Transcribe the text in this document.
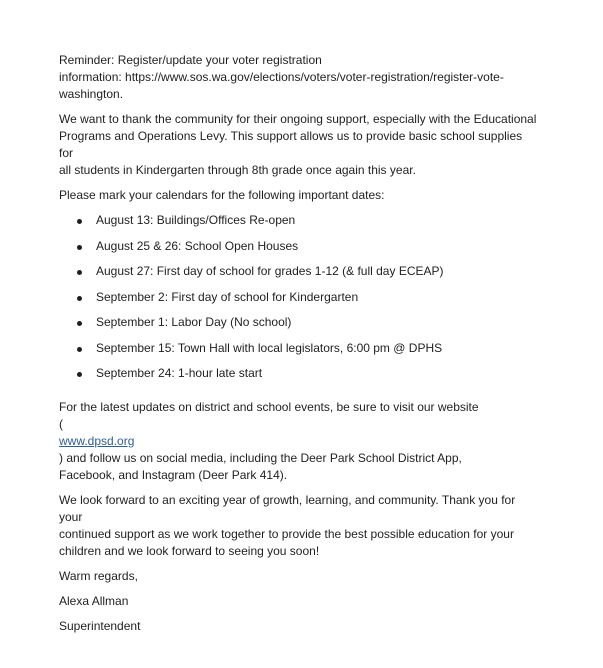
Reminder: Register/update your voter registration
information: https://www.sos.wa.gov/elections/voters/voter-registration/register-vote-
washington.

We want to thank the community for their ongoing support, especially with the Educational
Programs and Operations Levy. This support allows us to provide basic school supplies for
all students in Kindergarten through 8th grade once again this year.

Please mark your calendars for the following important dates:

August 13: Buildings/Offices Re-open
August 25 & 26: School Open Houses
August 27: First day of school for grades 1-12 (& full day ECEAP)
September 2: First day of school for Kindergarten
September 1: Labor Day (No school)
September 15: Town Hall with local legislators, 6:00 pm @ DPHS
September 24: 1-hour late start

For the latest updates on district and school events, be sure to visit our website
(
www.dpsd.org
) and follow us on social media, including the Deer Park School District App,
Facebook, and Instagram (Deer Park 414).

We look forward to an exciting year of growth, learning, and community. Thank you for your
continued support as we work together to provide the best possible education for your
children and we look forward to seeing you soon!

Warm regards,

Alexa Allman

Superintendent
